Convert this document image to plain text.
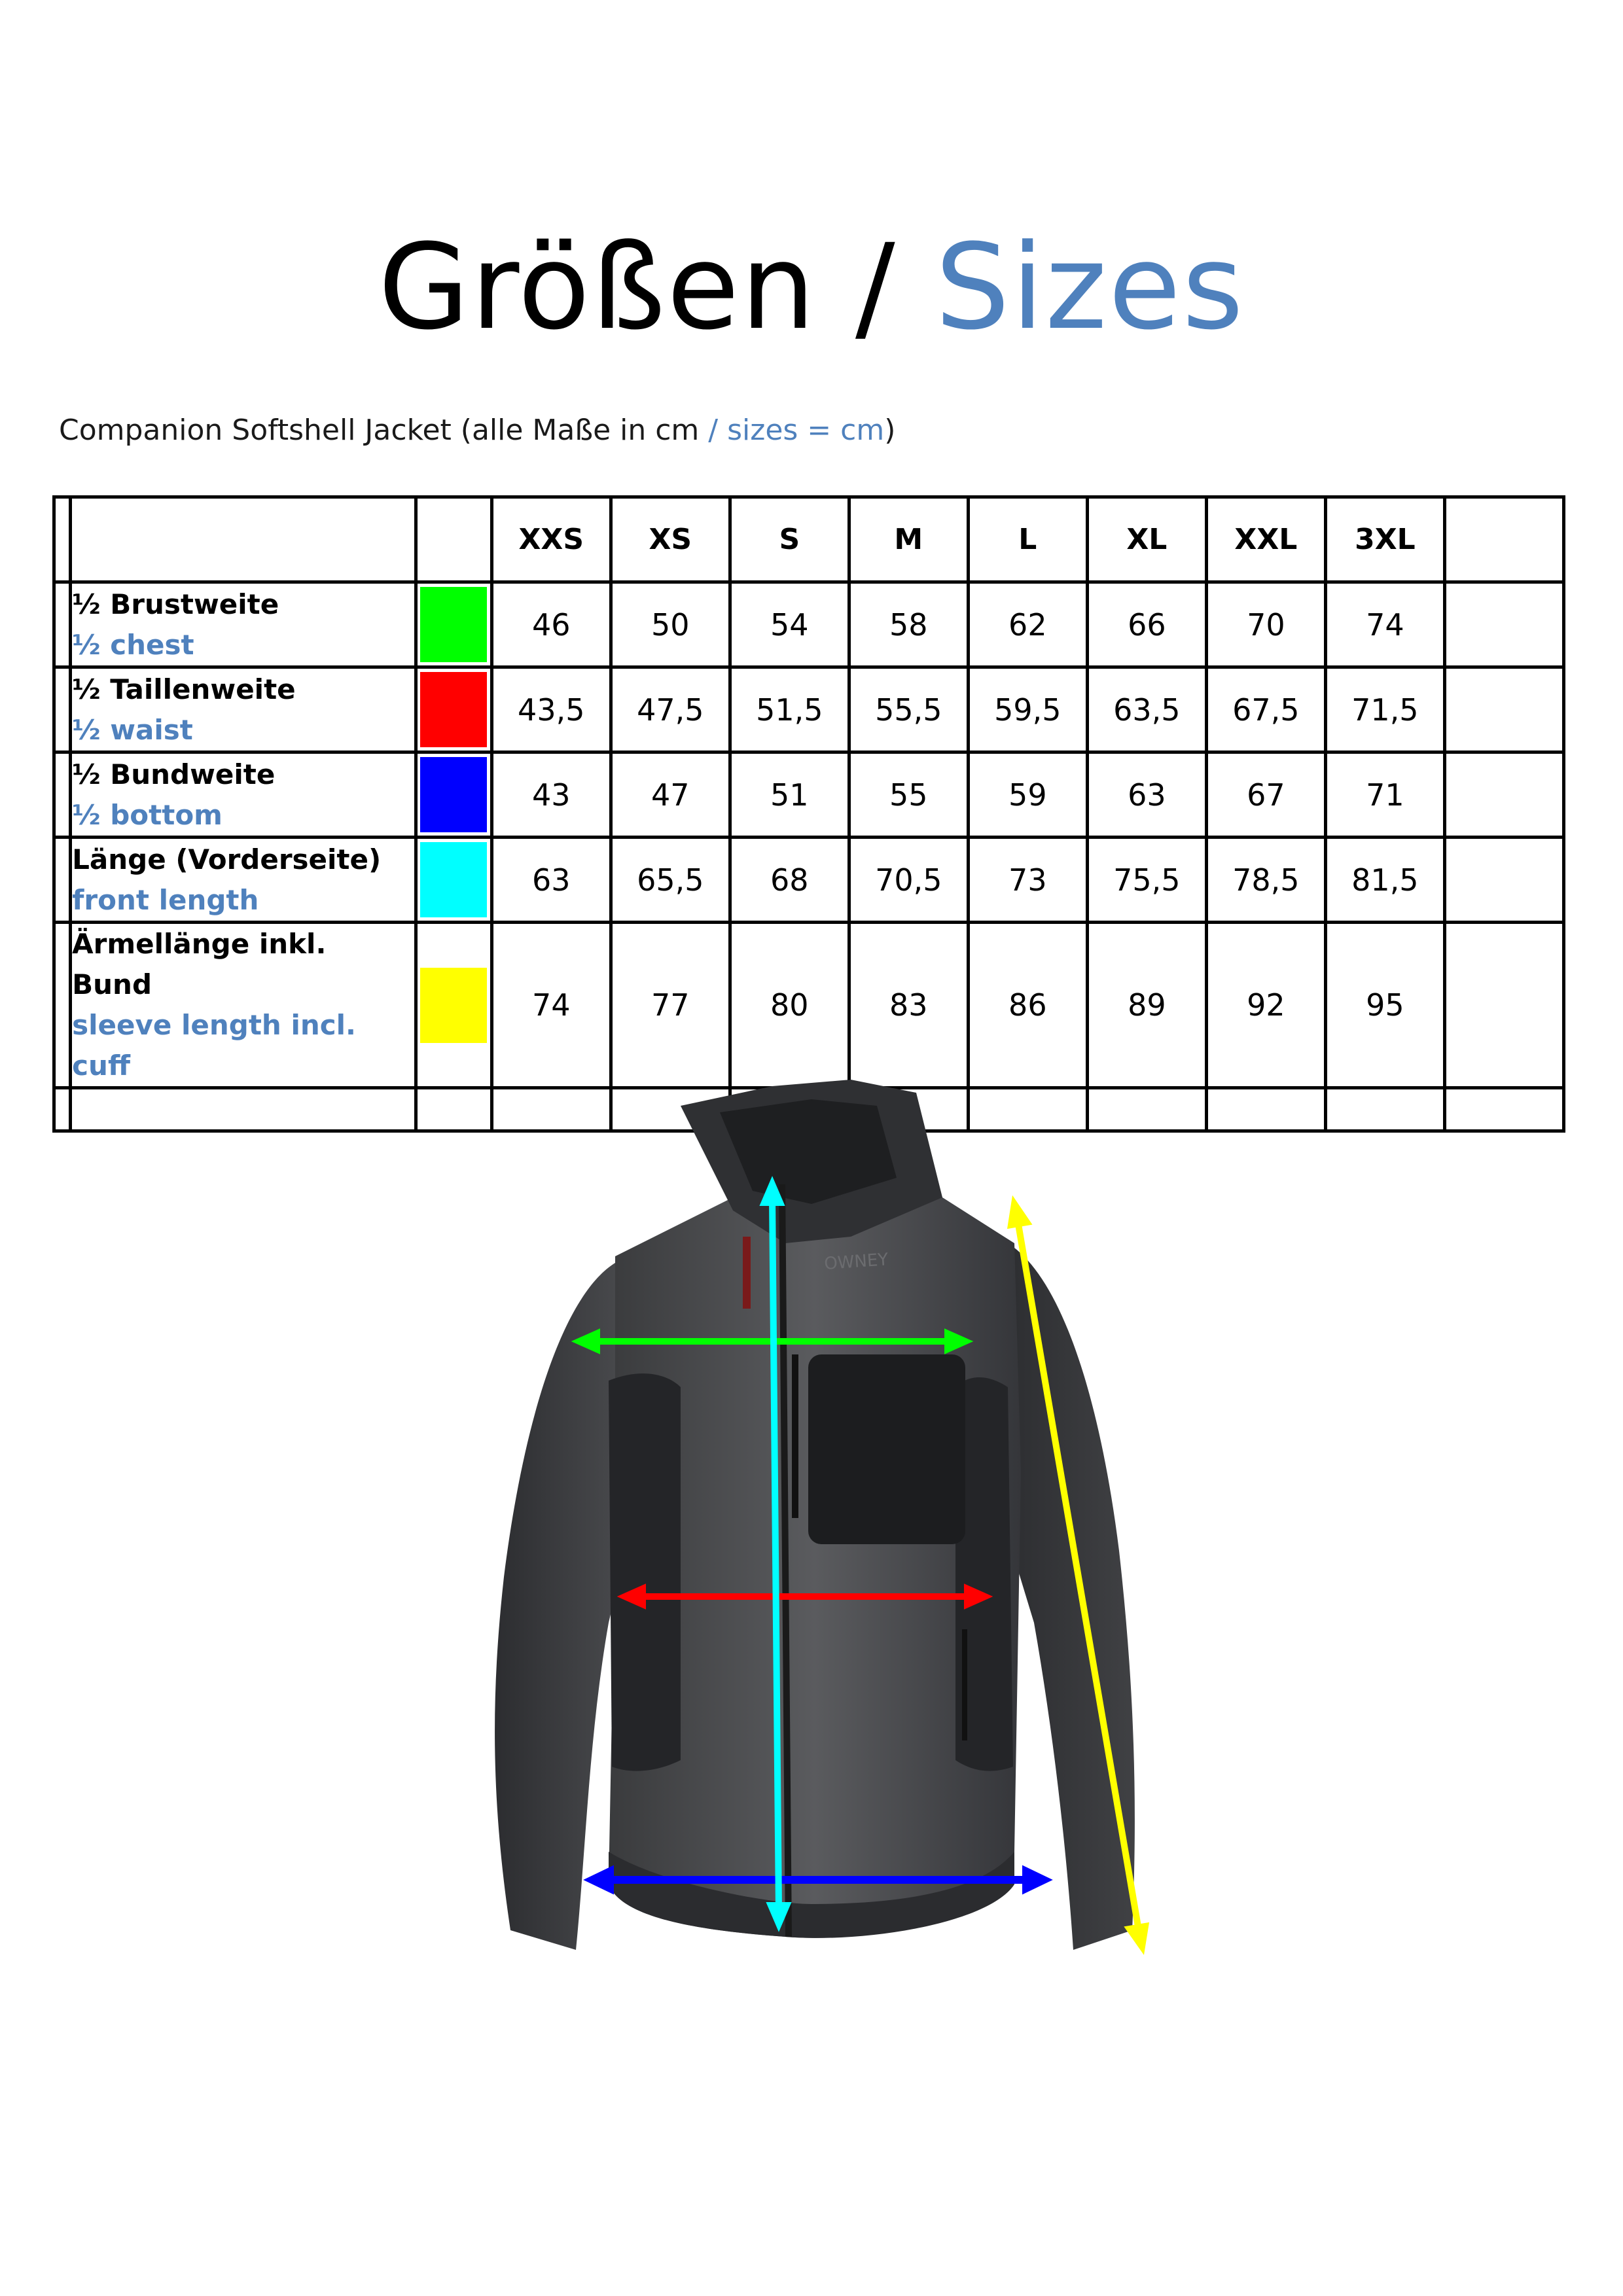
Größen / Sizes
Companion Softshell Jacket (alle Maße in cm / sizes = cm)
			XXS	XS	S	M	L	XL	XXL	3XL	

	½ Brustweite
½ chest		46	50	54	58	62	66	70	74	

	½ Taillenweite
½ waist		43,5	47,5	51,5	55,5	59,5	63,5	67,5	71,5	

	½ Bundweite
½ bottom		43	47	51	55	59	63	67	71	

	Länge (Vorderseite)
front length		63	65,5	68	70,5	73	75,5	78,5	81,5	

	Ärmellänge inkl. Bund
sleeve length incl. cuff		74	77	80	83	86	89	92	95	

OWNEY
